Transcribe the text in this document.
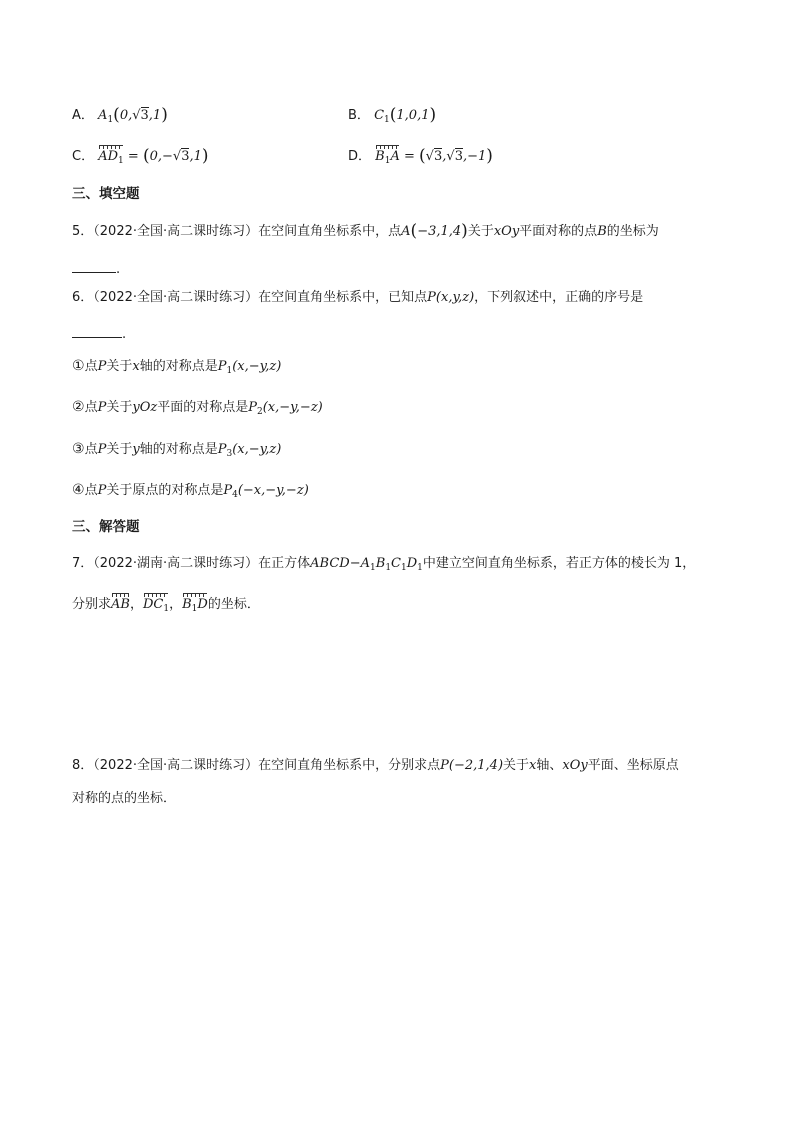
A． $A_1(0,√3,1)$	B． $C_1(1,0,1)$
C． $AD_1 = (0,-√3,1)$	D． $B_1A = (√3,√3,-1)$
三、填空题
5．（2022·全国·高二课时练习）在空间直角坐标系中，点A(−3,1,4)关于xOy平面对称的点B的坐标为
.
6．（2022·全国·高二课时练习）在空间直角坐标系中，已知点P(x,y,z)，下列叙述中，正确的序号是
.
①点P关于x轴的对称点是$P_1(x,-y,z)$
②点P关于yOz平面的对称点是$P_2(x,-y,-z)$
③点P关于y轴的对称点是$P_3(x,-y,z)$
④点P关于原点的对称点是$P_4(-x,-y,-z)$
三、解答题
7．（2022·湖南·高二课时练习）在正方体$ABCD-A_1B_1C_1D_1$中建立空间直角坐标系，若正方体的棱长为 1，
分别求AB，$DC_1$，$B_1D$的坐标．
8．（2022·全国·高二课时练习）在空间直角坐标系中，分别求点P(−2,1,4)关于x轴、xOy平面、坐标原点
对称的点的坐标．
